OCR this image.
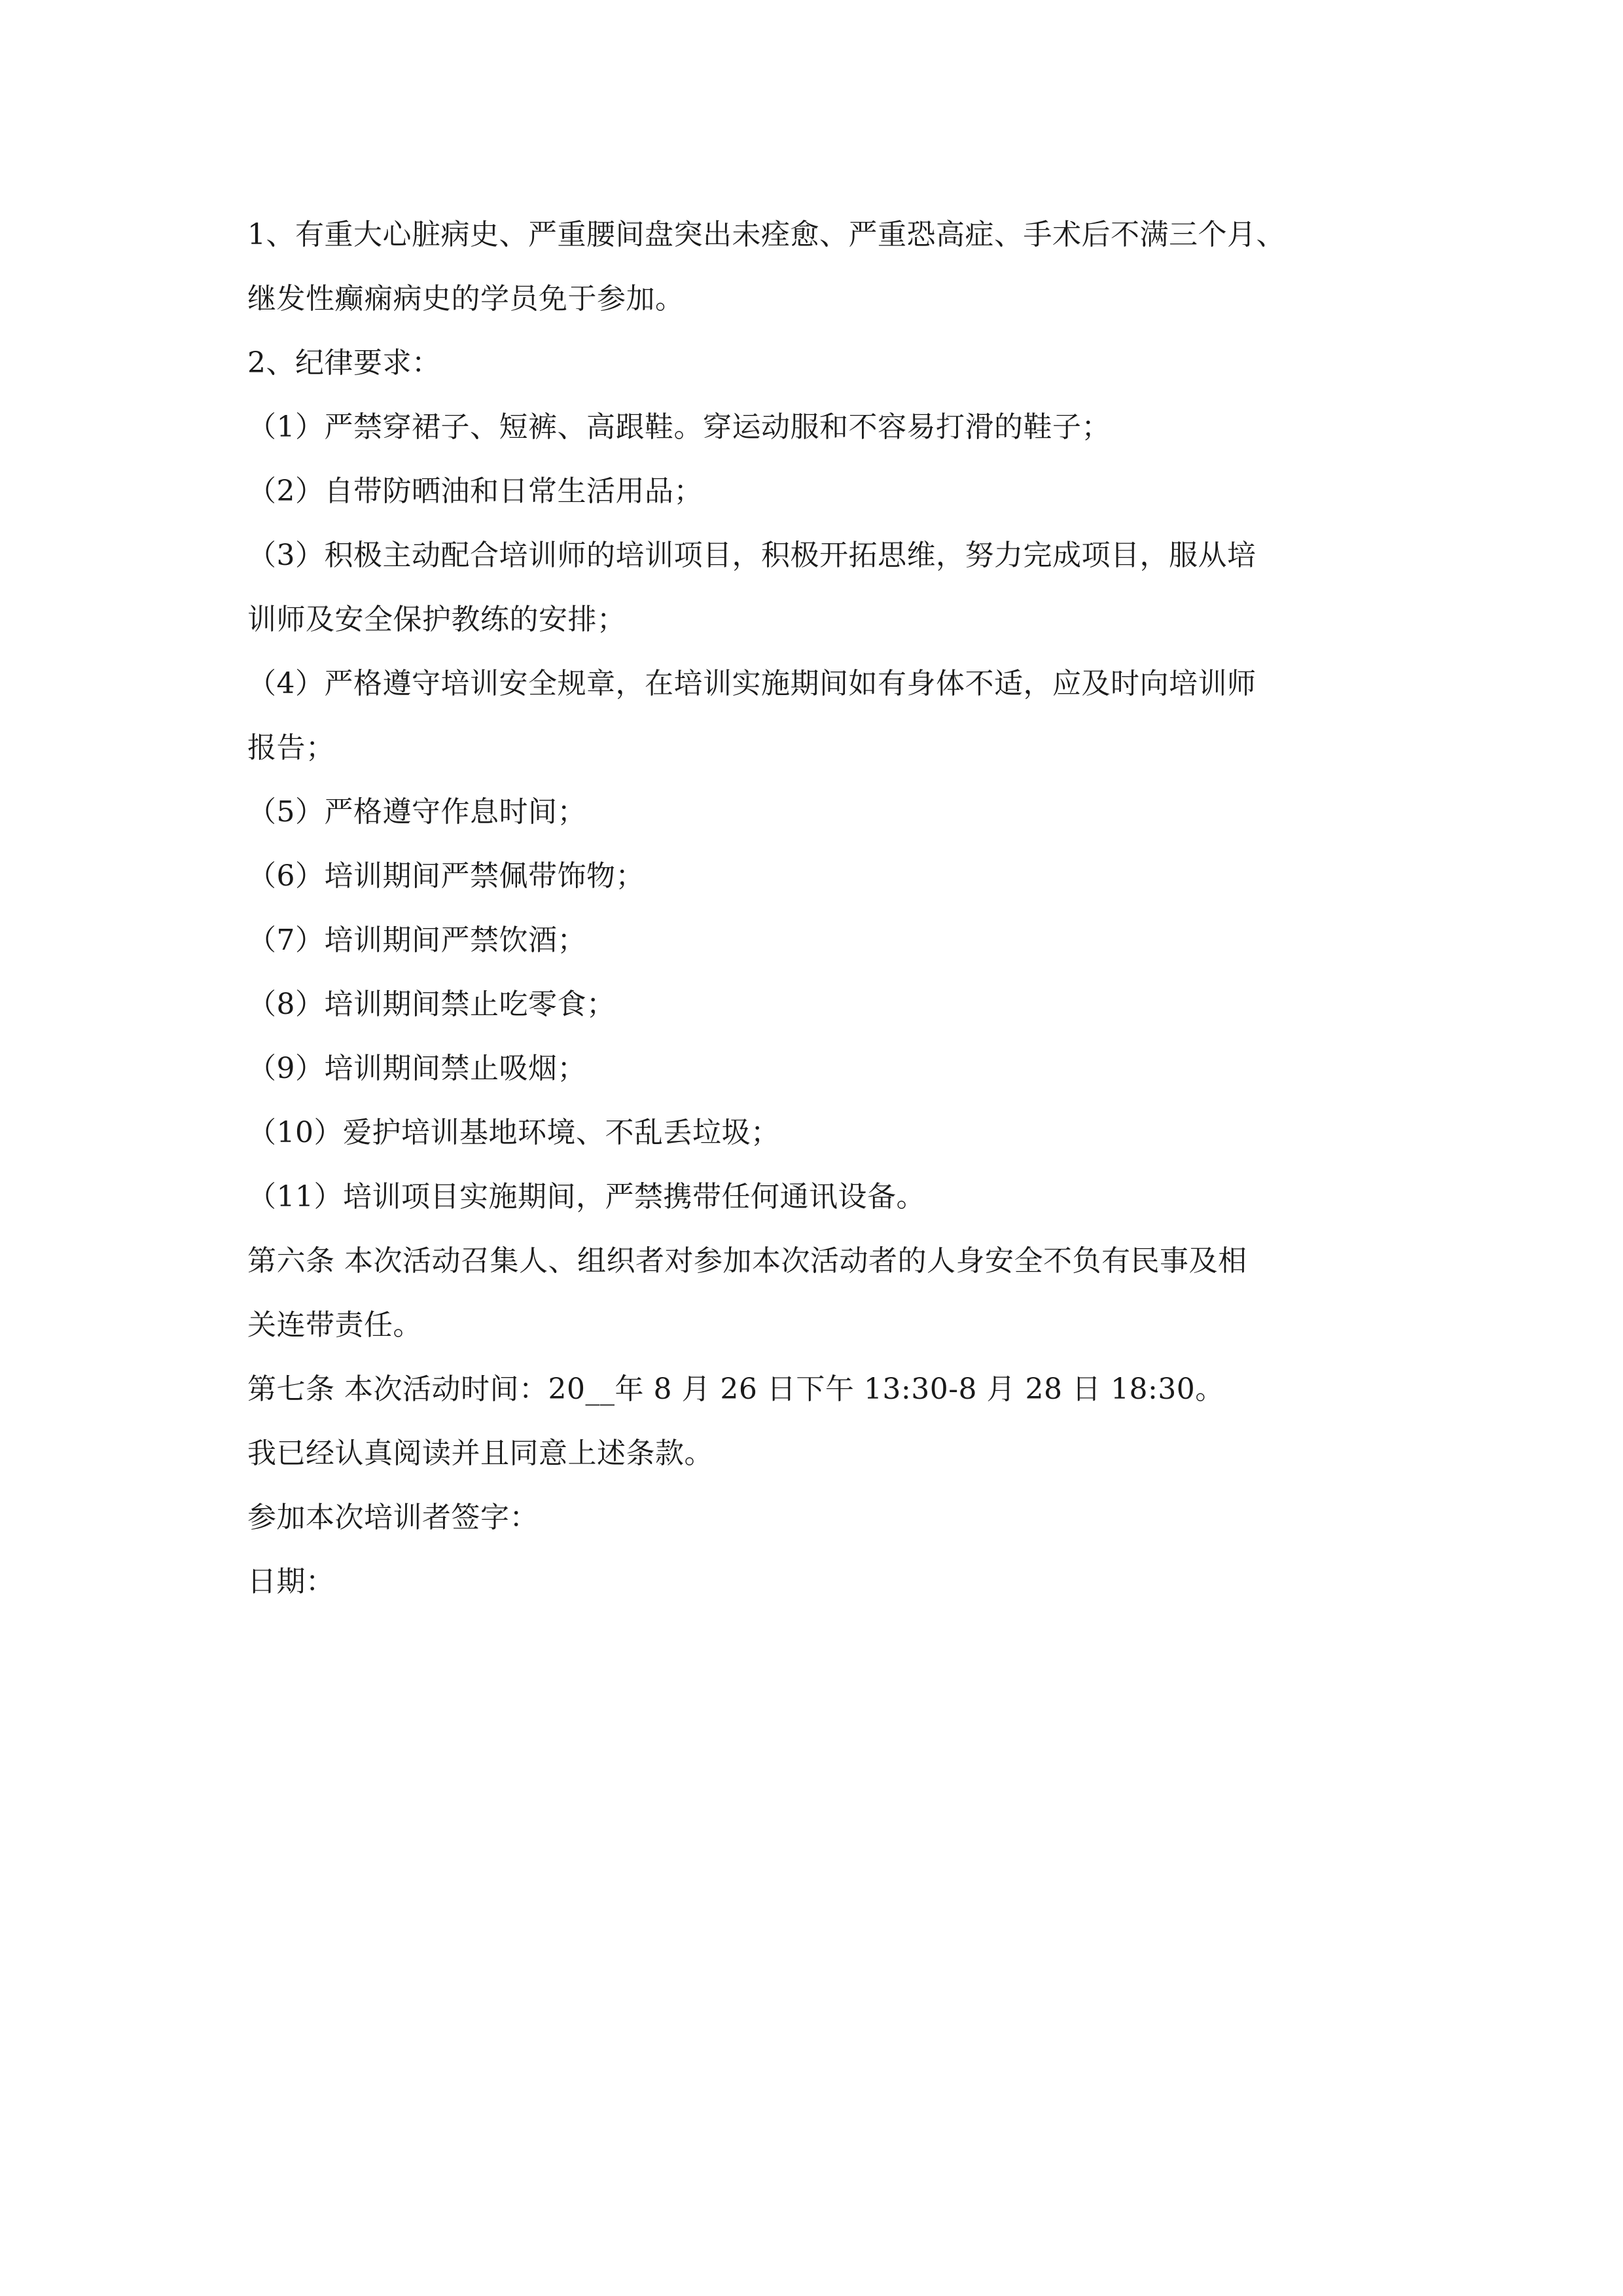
1、有重大心脏病史、严重腰间盘突出未痊愈、严重恐高症、手术后不满三个月、
继发性癫痫病史的学员免于参加。
2、纪律要求：
（1）严禁穿裙子、短裤、高跟鞋。穿运动服和不容易打滑的鞋子；
（2）自带防晒油和日常生活用品；
（3）积极主动配合培训师的培训项目，积极开拓思维，努力完成项目，服从培
训师及安全保护教练的安排；
（4）严格遵守培训安全规章，在培训实施期间如有身体不适，应及时向培训师
报告；
（5）严格遵守作息时间；
（6）培训期间严禁佩带饰物；
（7）培训期间严禁饮酒；
（8）培训期间禁止吃零食；
（9）培训期间禁止吸烟；
（10）爱护培训基地环境、不乱丢垃圾；
（11）培训项目实施期间，严禁携带任何通讯设备。
第六条 本次活动召集人、组织者对参加本次活动者的人身安全不负有民事及相
关连带责任。
第七条 本次活动时间：20__年 8 月 26 日下午 13:30-8 月 28 日 18:30。
我已经认真阅读并且同意上述条款。
参加本次培训者签字：
日期：
